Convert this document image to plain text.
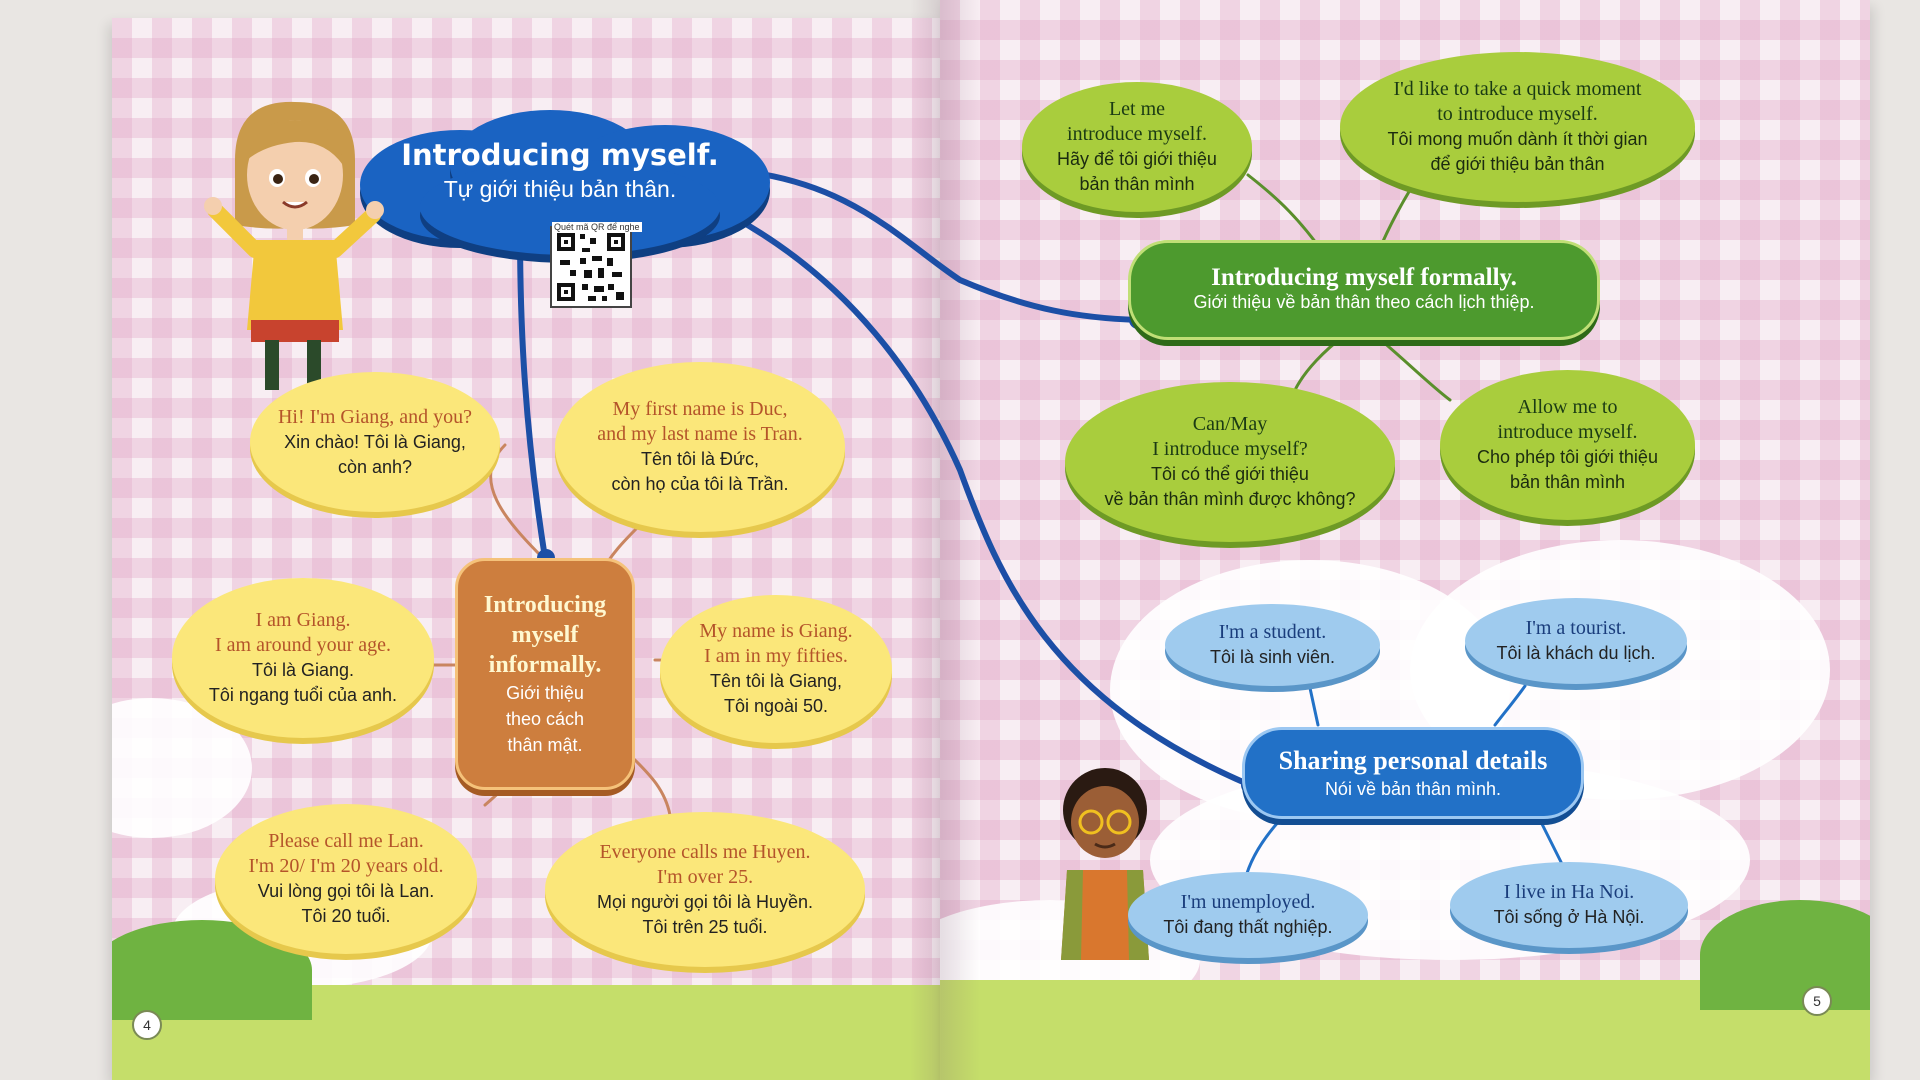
4
5
Introducing myself.
Tự giới thiệu bản thân.
Quét mã QR để nghe
Introducing
myself
informally.
Giới thiệu
theo cách
thân mật.
Hi! I'm Giang, and you?
Xin chào! Tôi là Giang,
còn anh?
My first name is Duc,
and my last name is Tran.
Tên tôi là Đức,
còn họ của tôi là Trần.
I am Giang.
I am around your age.
Tôi là Giang.
Tôi ngang tuổi của anh.
My name is Giang.
I am in my fifties.
Tên tôi là Giang,
Tôi ngoài 50.
Please call me Lan.
I'm 20/ I'm 20 years old.
Vui lòng gọi tôi là Lan.
Tôi 20 tuổi.
Everyone calls me Huyen.
I'm over 25.
Mọi người gọi tôi là Huyền.
Tôi trên 25 tuổi.
Introducing myself formally.
Giới thiệu về bản thân theo cách lịch thiệp.
Let me
introduce myself.
Hãy để tôi giới thiệu
bản thân mình
I'd like to take a quick moment
to introduce myself.
Tôi mong muốn dành ít thời gian
để giới thiệu bản thân
Can/May
I introduce myself?
Tôi có thể giới thiệu
về bản thân mình được không?
Allow me to
introduce myself.
Cho phép tôi giới thiệu
bản thân mình
Sharing personal details
Nói về bản thân mình.
I'm a student.
Tôi là sinh viên.
I'm a tourist.
Tôi là khách du lịch.
I'm unemployed.
Tôi đang thất nghiệp.
I live in Ha Noi.
Tôi sống ở Hà Nội.
